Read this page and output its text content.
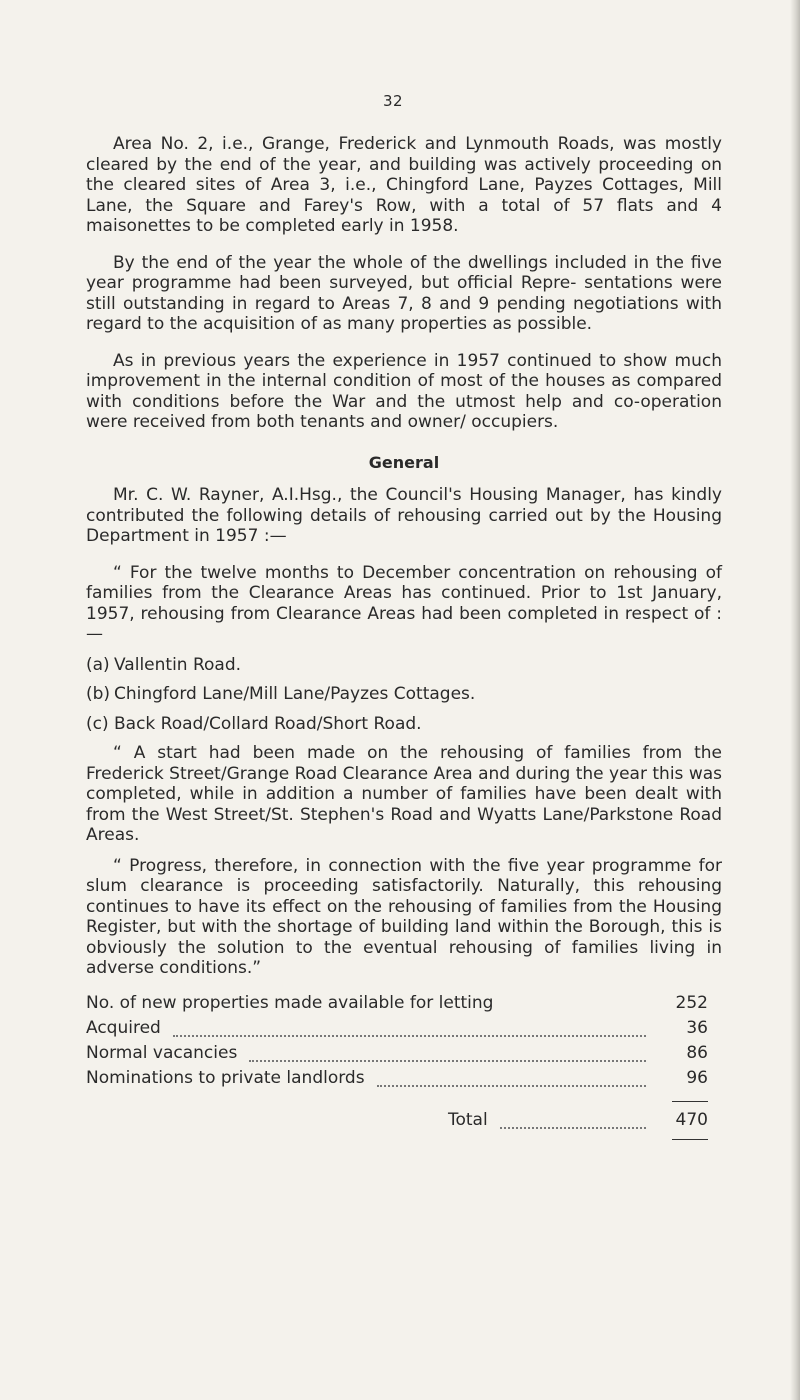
32

Area No. 2, i.e., Grange, Frederick and Lynmouth Roads, was mostly cleared by the end of the year, and building was actively proceeding on the cleared sites of Area 3, i.e., Chingford Lane, Payzes Cottages, Mill Lane, the Square and Farey's Row, with a total of 57 flats and 4 maisonettes to be completed early in 1958.

By the end of the year the whole of the dwellings included in the five year programme had been surveyed, but official Repre- sentations were still outstanding in regard to Areas 7, 8 and 9 pending negotiations with regard to the acquisition of as many properties as possible.

As in previous years the experience in 1957 continued to show much improvement in the internal condition of most of the houses as compared with conditions before the War and the utmost help and co-operation were received from both tenants and owner/ occupiers.

General

Mr. C. W. Rayner, A.I.Hsg., the Council's Housing Manager, has kindly contributed the following details of rehousing carried out by the Housing Department in 1957 :—

“ For the twelve months to December concentration on rehousing of families from the Clearance Areas has continued. Prior to 1st January, 1957, rehousing from Clearance Areas had been completed in respect of :—

(a) Vallentin Road.
(b) Chingford Lane/Mill Lane/Payzes Cottages.
(c) Back Road/Collard Road/Short Road.

“ A start had been made on the rehousing of families from the Frederick Street/Grange Road Clearance Area and during the year this was completed, while in addition a number of families have been dealt with from the West Street/St. Stephen's Road and Wyatts Lane/Parkstone Road Areas.

“ Progress, therefore, in connection with the five year programme for slum clearance is proceeding satisfactorily. Naturally, this rehousing continues to have its effect on the rehousing of families from the Housing Register, but with the shortage of building land within the Borough, this is obviously the solution to the eventual rehousing of families living in adverse conditions.”

No. of new properties made available for letting	252
Acquired	36
Normal vacancies	86
Nominations to private landlords	96
Total	470
